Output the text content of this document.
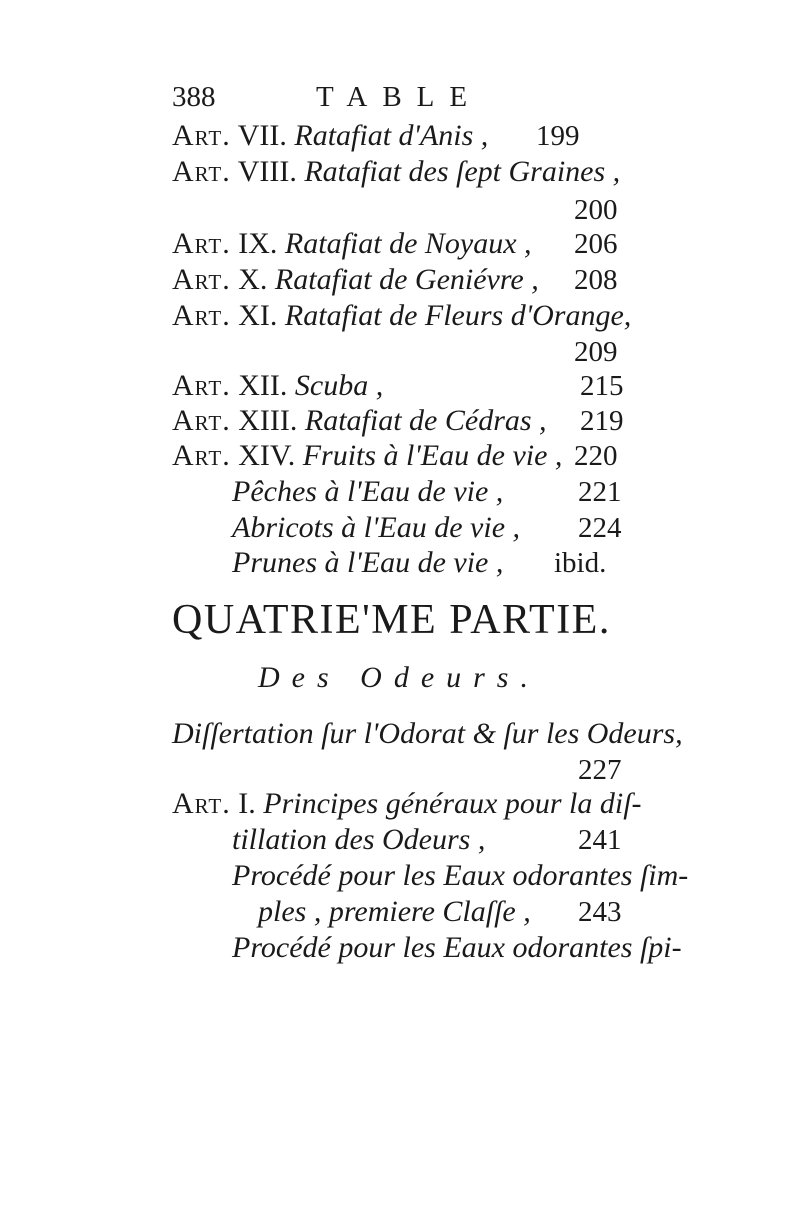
388	TABLE
Art. VII. Ratafiat d'Anis , 199
Art. VIII. Ratafiat des ſept Graines ,
200
Art. IX. Ratafiat de Noyaux , 206
Art. X. Ratafiat de Geniévre , 208
Art. XI. Ratafiat de Fleurs d'Orange,
209
Art. XII. Scuba ,	215
Art. XIII. Ratafiat de Cédras , 219
Art. XIV. Fruits à l'Eau de vie , 220
Pêches à l'Eau de vie ,	221
Abricots à l'Eau de vie , 224
Prunes à l'Eau de vie , ibid.
QUATRIE'ME PARTIE.
Des Odeurs.
Diſſertation ſur l'Odorat & ſur les Odeurs,
227
Art. I. Principes généraux pour la diſ-
tillation des Odeurs ,	241
Procédé pour les Eaux odorantes ſim-
ples , premiere Claſſe , 243
Procédé pour les Eaux odorantes ſpi-
